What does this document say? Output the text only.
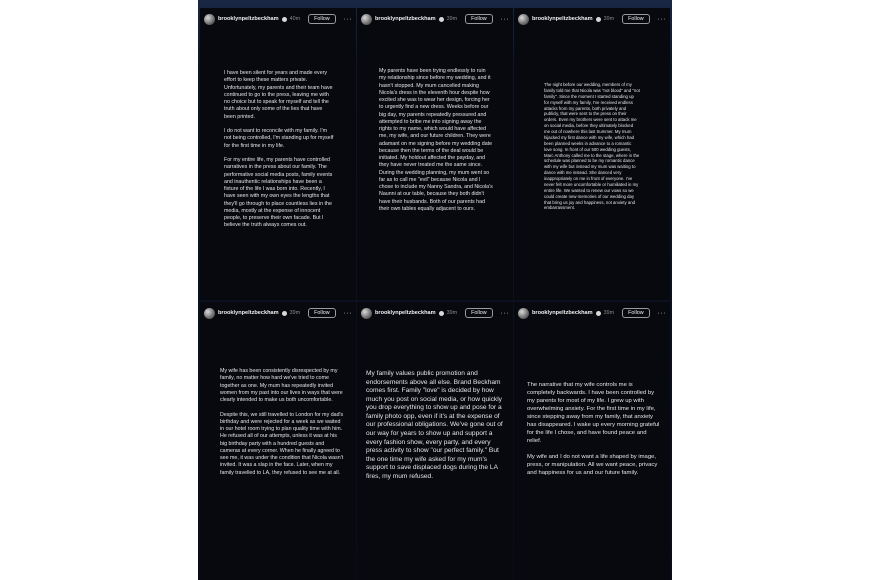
brooklynpeltzbeckham 40m	Follow	···
I have been silent for years and made every effort to keep these matters private. Unfortunately, my parents and their team have continued to go to the press, leaving me with no choice but to speak for myself and tell the truth about only some of the lies that have been printed.

I do not want to reconcile with my family. I'm not being controlled, I'm standing up for myself for the first time in my life.

For my entire life, my parents have controlled narratives in the press about our family. The performative social media posts, family events and inauthentic relationships have been a fixture of the life I was born into. Recently, I have seen with my own eyes the lengths that they'll go through to place countless lies in the media, mostly at the expense of innocent people, to preserve their own facade. But I believe the truth always comes out.
brooklynpeltzbeckham 39m	Follow	···
My parents have been trying endlessly to ruin my relationship since before my wedding, and it hasn't stopped. My mum cancelled making Nicola's dress in the eleventh hour despite how excited she was to wear her design, forcing her to urgently find a new dress. Weeks before our big day, my parents repeatedly pressured and attempted to bribe me into signing away the rights to my name, which would have affected me, my wife, and our future children. They were adamant on me signing before my wedding date because then the terms of the deal would be initiated. My holdout affected the payday, and they have never treated me the same since. During the wedding planning, my mum went so far as to call me "evil" because Nicola and I chose to include my Nanny Sandra, and Nicola's Naunni at our table, because they both didn't have their husbands. Both of our parents had their own tables equally adjacent to ours.
brooklynpeltzbeckham 39m	Follow	···
The night before our wedding, members of my family told me that Nicola was "not blood" and "not family". Since the moment I started standing up for myself with my family, I've received endless attacks from my parents, both privately and publicly, that were sent to the press on their orders. Even my brothers were sent to attack me on social media, before they ultimately blocked me out of nowhere this last Summer. My mum hijacked my first dance with my wife, which had been planned weeks in advance to a romantic love song. In front of our 500 wedding guests, Marc Anthony called me to the stage, where in the schedule was planned to be my romantic dance with my wife but instead my mum was waiting to dance with me instead. She danced very inappropriately on me in front of everyone. I've never felt more uncomfortable or humiliated in my entire life. We wanted to renew our vows so we could create new memories of our wedding day that bring us joy and happiness, not anxiety and embarrassment.
brooklynpeltzbeckham 39m	Follow	···
My wife has been consistently disrespected by my family, no matter how hard we've tried to come together as one. My mum has repeatedly invited women from my past into our lives in ways that were clearly intended to make us both uncomfortable.

Despite this, we still travelled to London for my dad's birthday and were rejected for a week as we waited in our hotel room trying to plan quality time with him. He refused all of our attempts, unless it was at his big birthday party with a hundred guests and cameras at every corner. When he finally agreed to see me, it was under the condition that Nicola wasn't invited. It was a slap in the face. Later, when my family travelled to LA, they refused to see me at all.
brooklynpeltzbeckham 39m	Follow	···
My family values public promotion and endorsements above all else. Brand Beckham comes first. Family "love" is decided by how much you post on social media, or how quickly you drop everything to show up and pose for a family photo opp, even if it's at the expense of our professional obligations. We've gone out of our way for years to show up and support a every fashion show, every party, and every press activity to show "our perfect family." But the one time my wife asked for my mum's support to save displaced dogs during the LA fires, my mum refused.
brooklynpeltzbeckham 39m	Follow	···
The narrative that my wife controls me is completely backwards. I have been controlled by my parents for most of my life. I grew up with overwhelming anxiety. For the first time in my life, since stepping away from my family, that anxiety has disappeared. I wake up every morning grateful for the life I chose, and have found peace and relief.

My wife and I do not want a life shaped by image, press, or manipulation. All we want peace, privacy and happiness for us and our future family.
